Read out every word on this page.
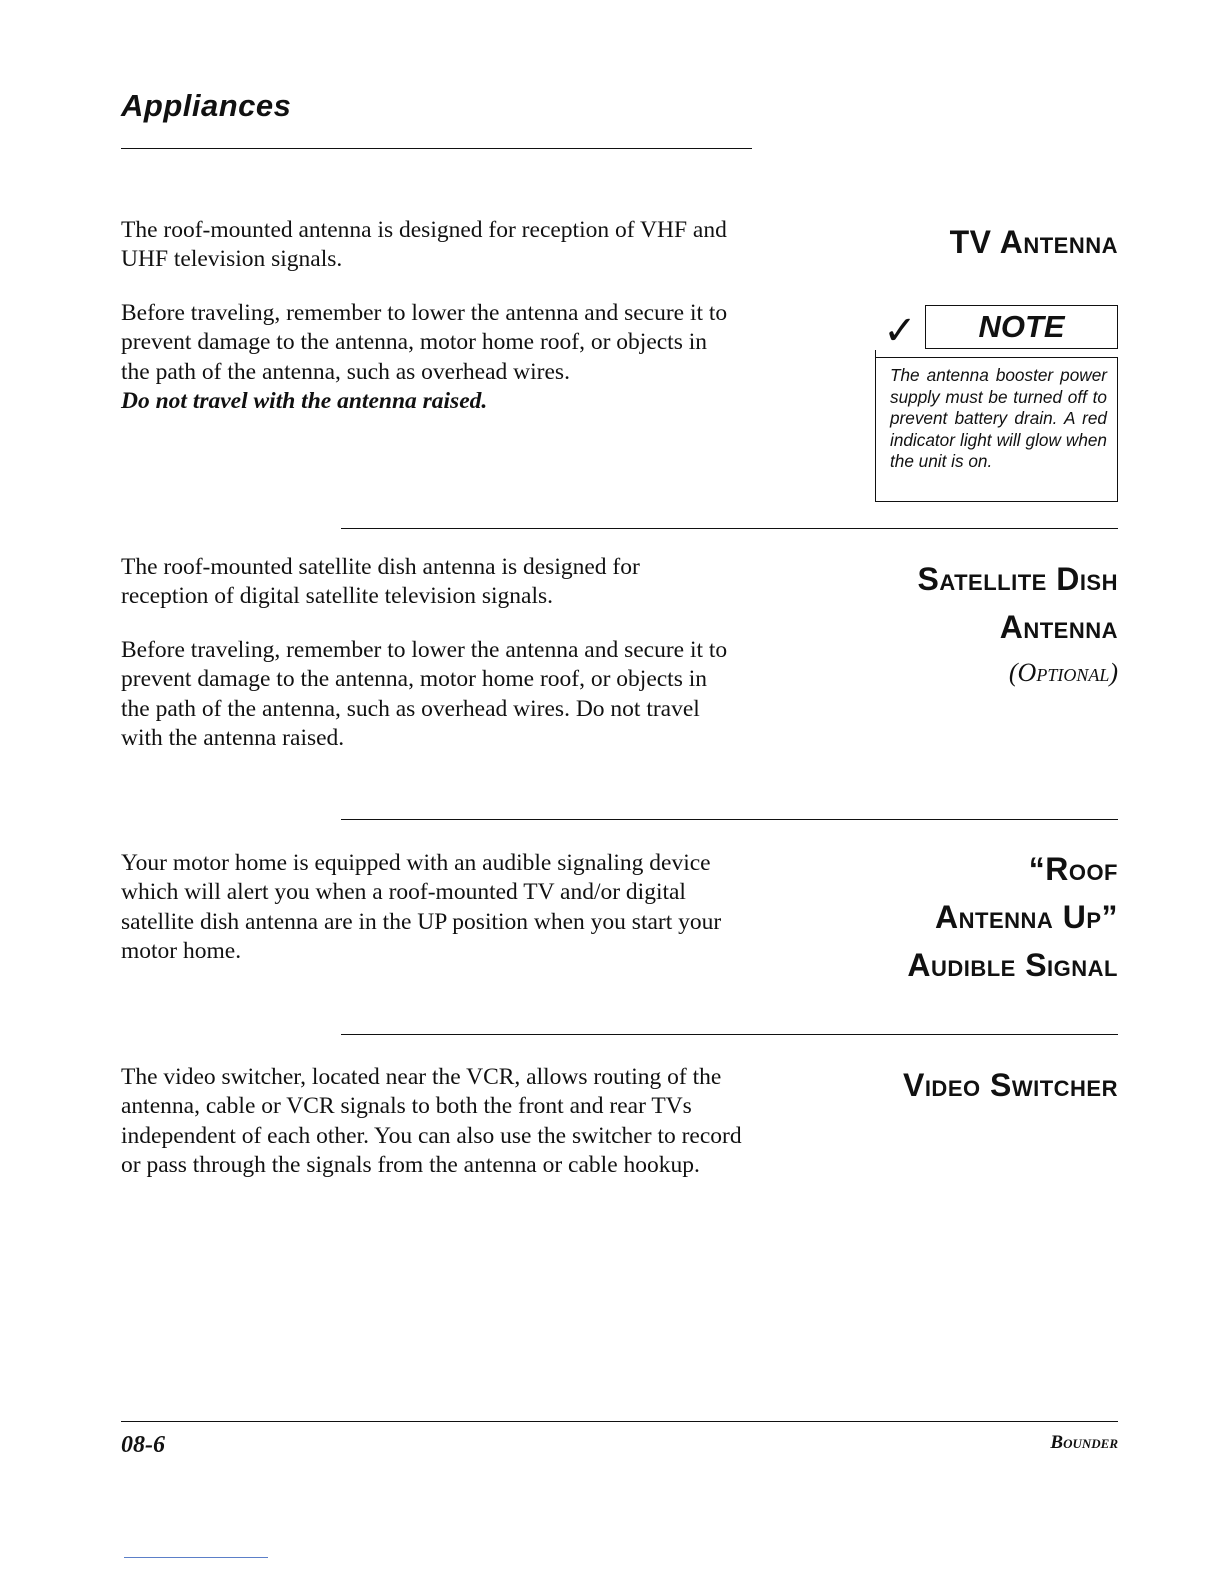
Appliances

The roof-mounted antenna is designed for reception of VHF and UHF television signals.

Before traveling, remember to lower the antenna and secure it to prevent damage to the antenna, motor home roof, or objects in the path of the antenna, such as overhead wires.

Do not travel with the antenna raised.

TV Antenna
✓	NOTE
The antenna booster power supply must be turned off to prevent battery drain. A red indicator light will glow when the unit is on.

The roof-mounted satellite dish antenna is designed for reception of digital satellite television signals.

Before traveling, remember to lower the antenna and secure it to prevent damage to the antenna, motor home roof, or objects in the path of the antenna, such as overhead wires. Do not travel with the antenna raised.

Satellite Dish
Antenna
(Optional)

Your motor home is equipped with an audible signaling device which will alert you when a roof-mounted TV and/or digital satellite dish antenna are in the UP position when you start your motor home.

“Roof
Antenna Up”
Audible Signal

The video switcher, located near the VCR, allows routing of the antenna, cable or VCR signals to both the front and rear TVs independent of each other. You can also use the switcher to record or pass through the signals from the antenna or cable hookup.

Video Switcher
08-6	Bounder
